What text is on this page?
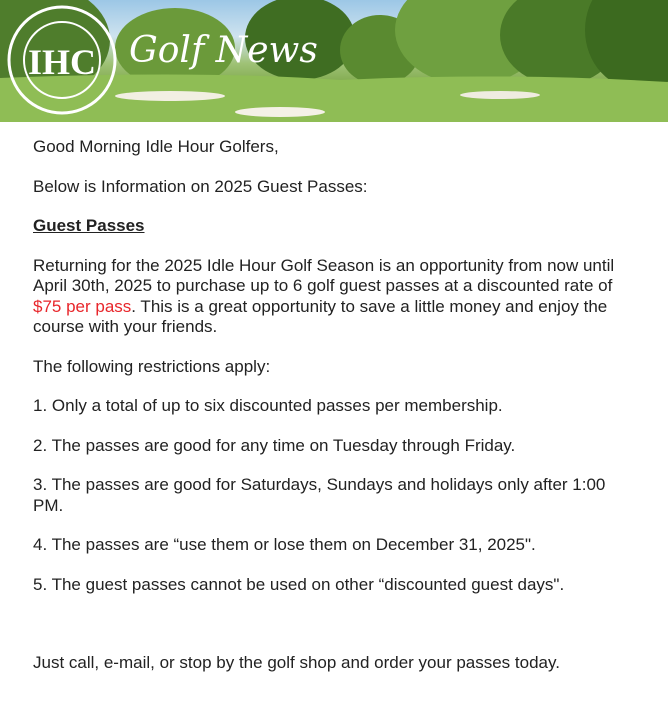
IHC Golf News

Good Morning Idle Hour Golfers,

Below is Information on 2025 Guest Passes:

Guest Passes

Returning for the 2025 Idle Hour Golf Season is an opportunity from now until April 30th, 2025 to purchase up to 6 golf guest passes at a discounted rate of $75 per pass. This is a great opportunity to save a little money and enjoy the course with your friends.

The following restrictions apply:

1. Only a total of up to six discounted passes per membership.

2. The passes are good for any time on Tuesday through Friday.

3. The passes are good for Saturdays, Sundays and holidays only after 1:00 PM.

4. The passes are “use them or lose them on December 31, 2025".

5. The guest passes cannot be used on other “discounted guest days".

Just call, e-mail, or stop by the golf shop and order your passes today.
